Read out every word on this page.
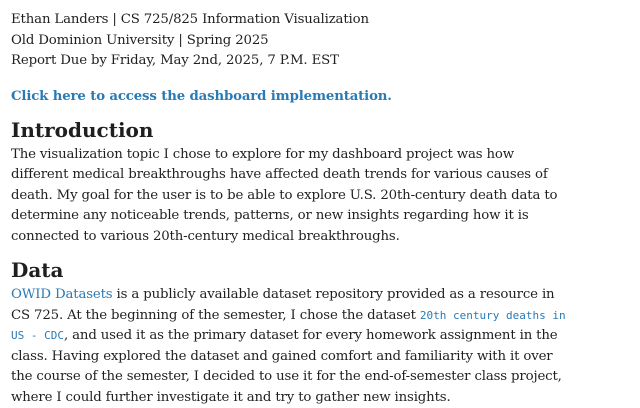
Ethan Landers | CS 725/825 Information Visualization

Old Dominion University | Spring 2025

Report Due by Friday, May 2nd, 2025, 7 P.M. EST

Click here to access the dashboard implementation.
Introduction

The visualization topic I chose to explore for my dashboard project was how
different medical breakthroughs have affected death trends for various causes of
death. My goal for the user is to be able to explore U.S. 20th-century death data to
determine any noticeable trends, patterns, or new insights regarding how it is
connected to various 20th-century medical breakthroughs.

Data

OWID Datasets is a publicly available dataset repository provided as a resource in
CS 725. At the beginning of the semester, I chose the dataset 20th century deaths in
US - CDC, and used it as the primary dataset for every homework assignment in the
class. Having explored the dataset and gained comfort and familiarity with it over
the course of the semester, I decided to use it for the end-of-semester class project,
where I could further investigate it and try to gather new insights.
